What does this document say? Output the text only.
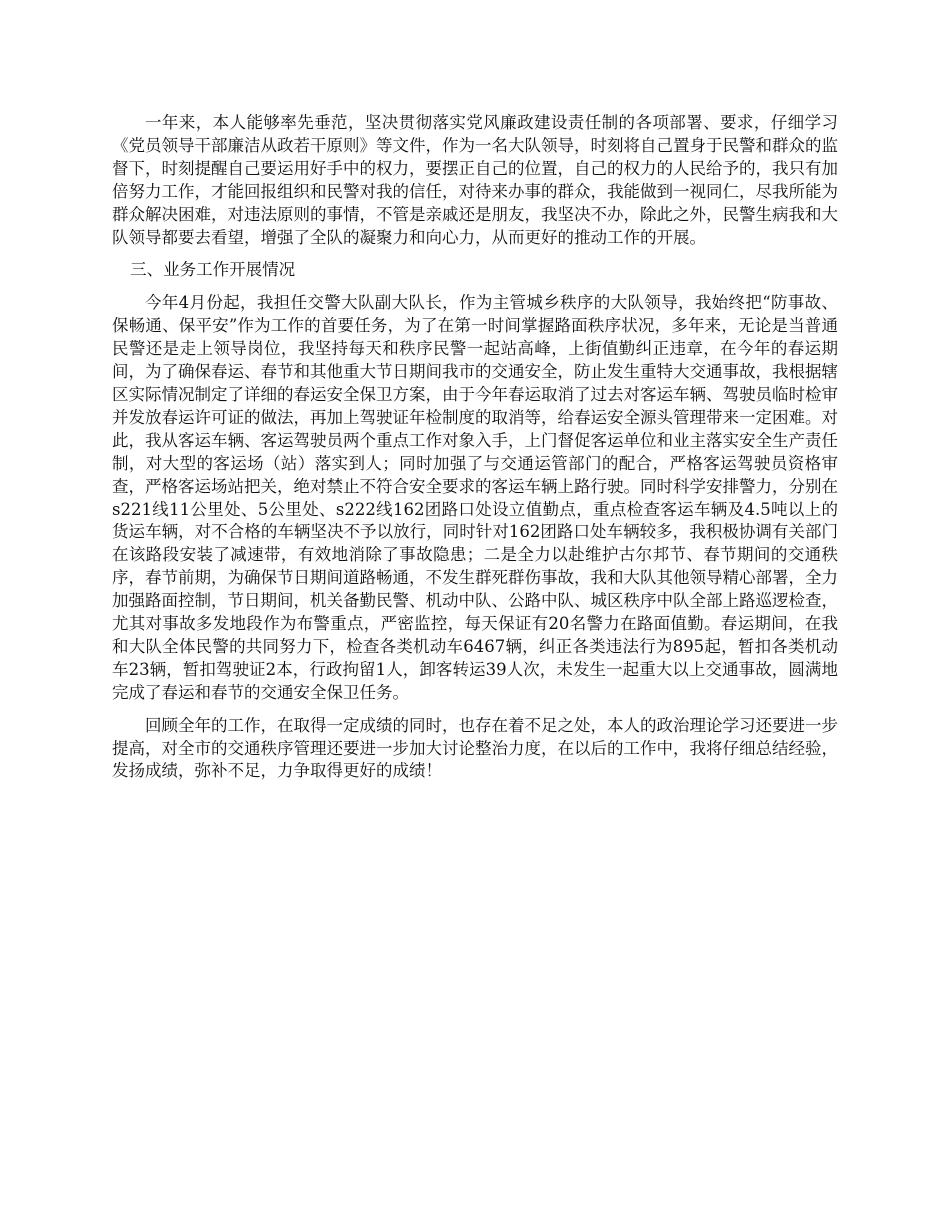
一年来，本人能够率先垂范，坚决贯彻落实党风廉政建设责任制的各项部署、要求，仔细学习《党员领导干部廉洁从政若干原则》等文件，作为一名大队领导，时刻将自己置身于民警和群众的监督下，时刻提醒自己要运用好手中的权力，要摆正自己的位置，自己的权力的人民给予的，我只有加倍努力工作，才能回报组织和民警对我的信任，对待来办事的群众，我能做到一视同仁，尽我所能为群众解决困难，对违法原则的事情，不管是亲戚还是朋友，我坚决不办，除此之外，民警生病我和大队领导都要去看望，增强了全队的凝聚力和向心力，从而更好的推动工作的开展。

三、业务工作开展情况

今年4月份起，我担任交警大队副大队长，作为主管城乡秩序的大队领导，我始终把“防事故、保畅通、保平安”作为工作的首要任务，为了在第一时间掌握路面秩序状况，多年来，无论是当普通民警还是走上领导岗位，我坚持每天和秩序民警一起站高峰，上街值勤纠正违章，在今年的春运期间，为了确保春运、春节和其他重大节日期间我市的交通安全，防止发生重特大交通事故，我根据辖区实际情况制定了详细的春运安全保卫方案，由于今年春运取消了过去对客运车辆、驾驶员临时检审并发放春运许可证的做法，再加上驾驶证年检制度的取消等，给春运安全源头管理带来一定困难。对此，我从客运车辆、客运驾驶员两个重点工作对象入手，上门督促客运单位和业主落实安全生产责任制，对大型的客运场（站）落实到人；同时加强了与交通运管部门的配合，严格客运驾驶员资格审查，严格客运场站把关，绝对禁止不符合安全要求的客运车辆上路行驶。同时科学安排警力，分别在s221线11公里处、5公里处、s222线162团路口处设立值勤点，重点检查客运车辆及4.5吨以上的货运车辆，对不合格的车辆坚决不予以放行，同时针对162团路口处车辆较多，我积极协调有关部门在该路段安装了减速带，有效地消除了事故隐患；二是全力以赴维护古尔邦节、春节期间的交通秩序，春节前期，为确保节日期间道路畅通，不发生群死群伤事故，我和大队其他领导精心部署，全力加强路面控制，节日期间，机关备勤民警、机动中队、公路中队、城区秩序中队全部上路巡逻检查，尤其对事故多发地段作为布警重点，严密监控，每天保证有20名警力在路面值勤。春运期间，在我和大队全体民警的共同努力下，检查各类机动车6467辆，纠正各类违法行为895起，暂扣各类机动车23辆，暂扣驾驶证2本，行政拘留1人，卸客转运39人次，未发生一起重大以上交通事故，圆满地完成了春运和春节的交通安全保卫任务。

回顾全年的工作，在取得一定成绩的同时，也存在着不足之处，本人的政治理论学习还要进一步提高，对全市的交通秩序管理还要进一步加大讨论整治力度，在以后的工作中，我将仔细总结经验，发扬成绩，弥补不足，力争取得更好的成绩！
